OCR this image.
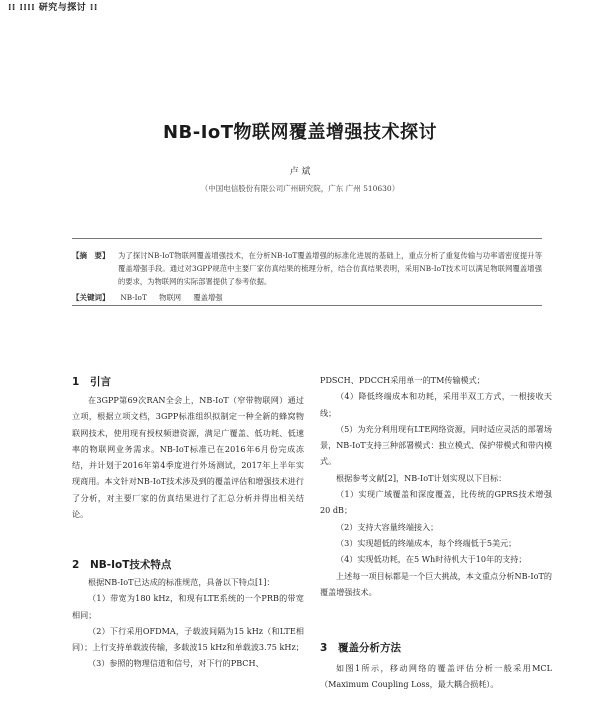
⁞⁞ ⁞⁞⁞⁞ 研究与探讨 ⁞⁞
NB-IoT物联网覆盖增强技术探讨
卢 斌
（中国电信股份有限公司广州研究院，广东 广州 510630）
【摘　要】 为了探讨NB-IoT物联网覆盖增强技术，在分析NB-IoT覆盖增强的标准化进展的基础上，重点分析了重复传输与功率谱密度提升等覆盖增强手段。通过对3GPP规范中主要厂家仿真结果的梳理分析，结合仿真结果表明，采用NB-IoT技术可以满足物联网覆盖增强的要求，为物联网的实际部署提供了参考依据。
【关键词】 NB-IoT 物联网 覆盖增强
1 引言

在3GPP第69次RAN全会上，NB-IoT（窄带物联网）通过立项，根据立项文档，3GPP标准组织拟制定一种全新的蜂窝物联网技术，使用现有授权频谱资源，满足广覆盖、低功耗、低速率的物联网业务需求。NB-IoT标准已在2016年6月份完成冻结，并计划于2016年第4季度进行外场测试，2017年上半年实现商用。本文针对NB-IoT技术涉及到的覆盖评估和增强技术进行了分析，对主要厂家的仿真结果进行了汇总分析并得出相关结论。

2 NB-IoT技术特点

根据NB-IoT已达成的标准规范，具备以下特点[1]：

（1）带宽为180 kHz，和现有LTE系统的一个PRB的带宽相同；

（2）下行采用OFDMA，子载波间隔为15 kHz（和LTE相同）；上行支持单载波传输，多载波15 kHz和单载波3.75 kHz；

（3）参照的物理信道和信号，对下行的PBCH、

PDSCH、PDCCH采用单一的TM传输模式；

（4）降低终端成本和功耗，采用半双工方式，一根接收天线；

（5）为充分利用现有LTE网络资源，同时适应灵活的部署场景，NB-IoT支持三种部署模式：独立模式、保护带模式和带内模式。

根据参考文献[2]，NB-IoT计划实现以下目标：

（1）实现广域覆盖和深度覆盖，比传统的GPRS技术增强20 dB；

（2）支持大容量终端接入；

（3）实现超低的终端成本，每个终端低于5美元；

（4）实现低功耗，在5 Wh时待机大于10年的支持；

上述每一项目标都是一个巨大挑战，本文重点分析NB-IoT的覆盖增强技术。

3 覆盖分析方法

如图1所示，移动网络的覆盖评估分析一般采用MCL（Maximum Coupling Loss，最大耦合损耗）。
